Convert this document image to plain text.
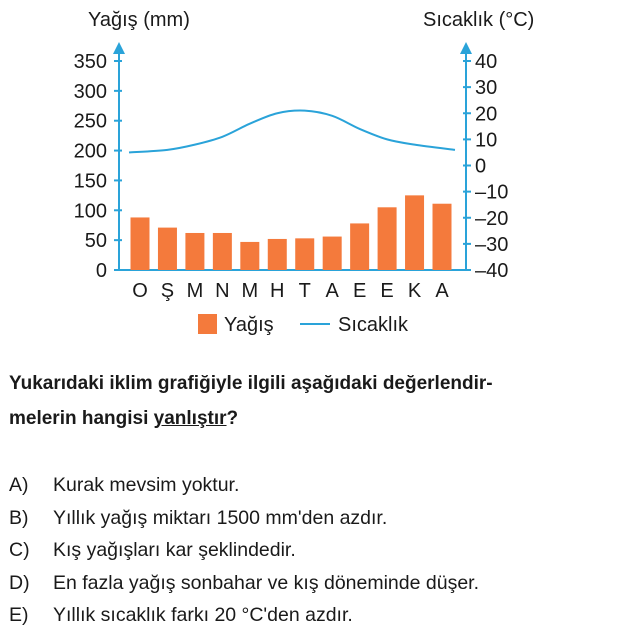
Yağış (mm)	Sıcaklık (°C)
0
50
100
150
200
250
300
350
–40
–30
–20
–10
0
10
20
30
40
O Ş M N M H T A E E K A
Yağış	Sıcaklık
Yukarıdaki iklim grafiğiyle ilgili aşağıdaki değerlendir-
melerin hangisi yanlıştır?
A)	Kurak mevsim yoktur.
B)	Yıllık yağış miktarı 1500 mm'den azdır.
C)	Kış yağışları kar şeklindedir.
D)	En fazla yağış sonbahar ve kış döneminde düşer.
E)	Yıllık sıcaklık farkı 20 °C'den azdır.
